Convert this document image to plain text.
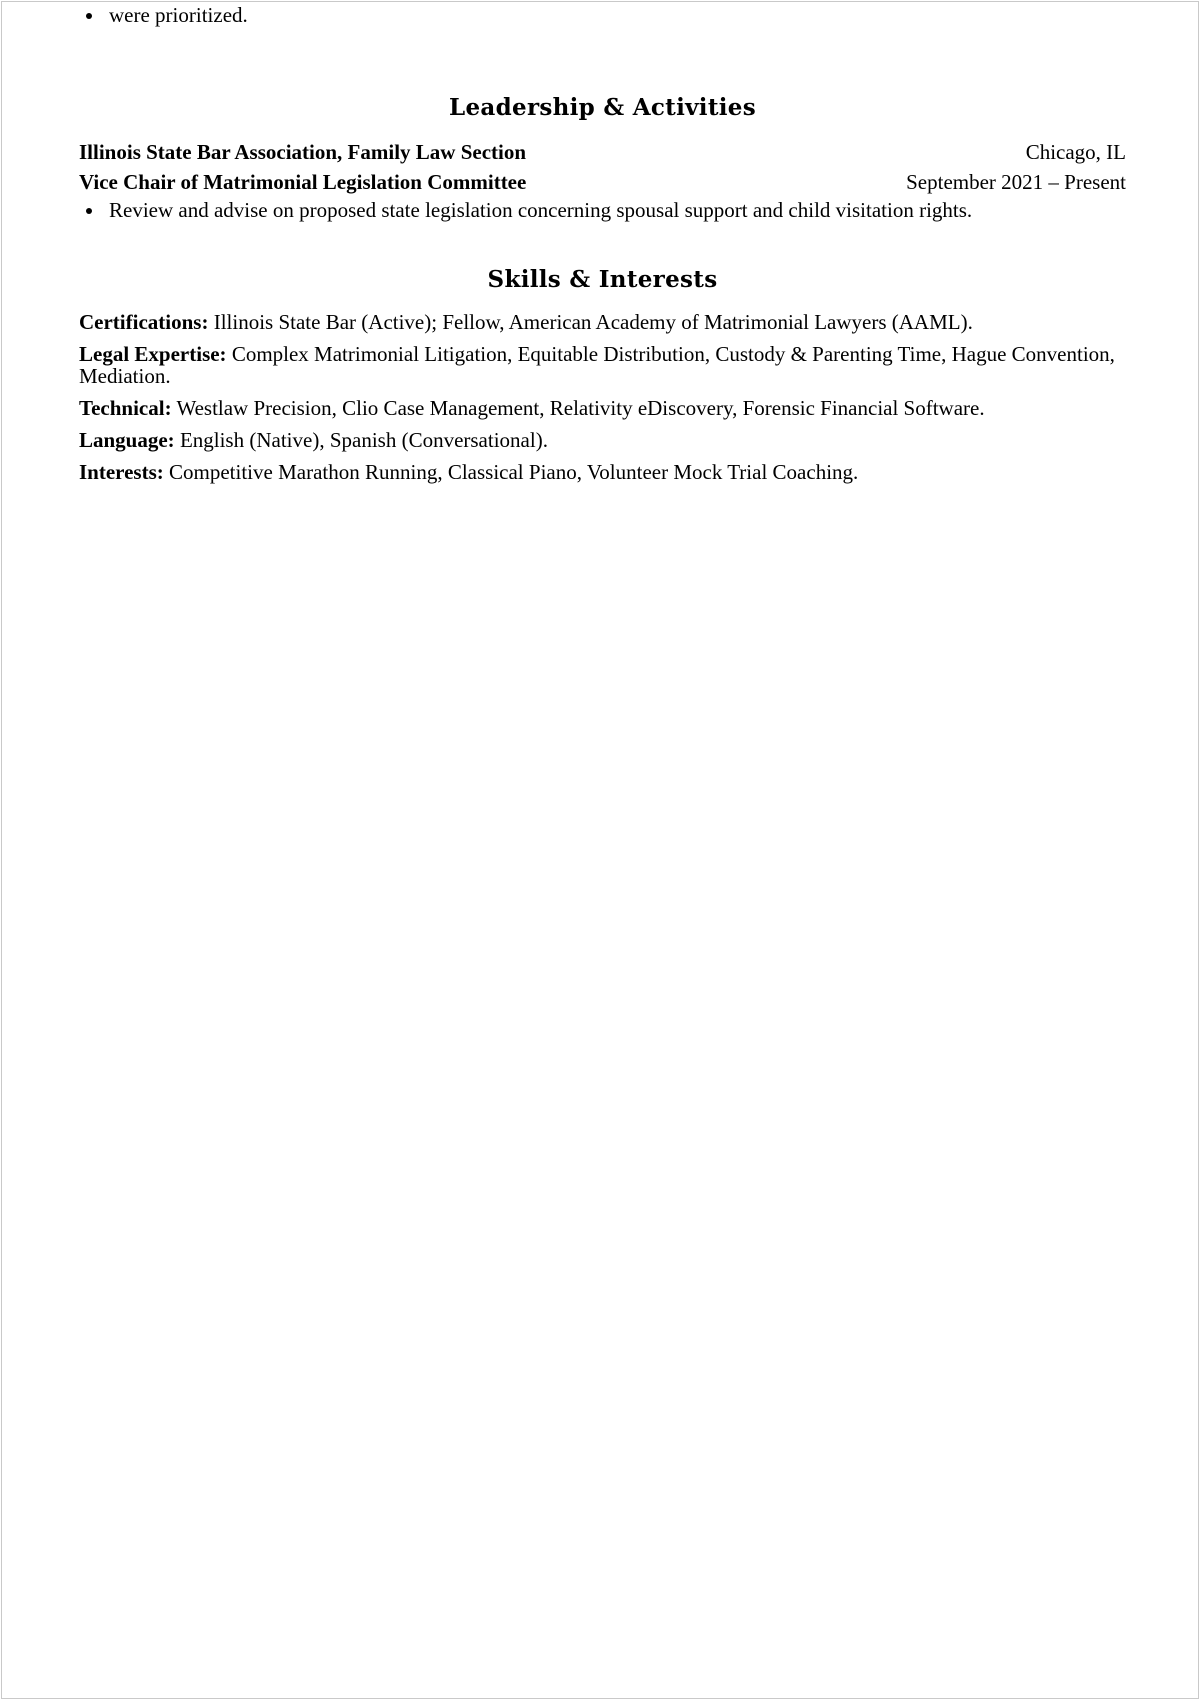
were prioritized.
Leadership & Activities
Illinois State Bar Association, Family Law Section	Chicago, IL
Vice Chair of Matrimonial Legislation Committee	September 2021 – Present
Review and advise on proposed state legislation concerning spousal support and child visitation rights.
Skills & Interests

Certifications: Illinois State Bar (Active); Fellow, American Academy of Matrimonial Lawyers (AAML).

Legal Expertise: Complex Matrimonial Litigation, Equitable Distribution, Custody & Parenting Time, Hague Convention, Mediation.

Technical: Westlaw Precision, Clio Case Management, Relativity eDiscovery, Forensic Financial Software.

Language: English (Native), Spanish (Conversational).

Interests: Competitive Marathon Running, Classical Piano, Volunteer Mock Trial Coaching.
